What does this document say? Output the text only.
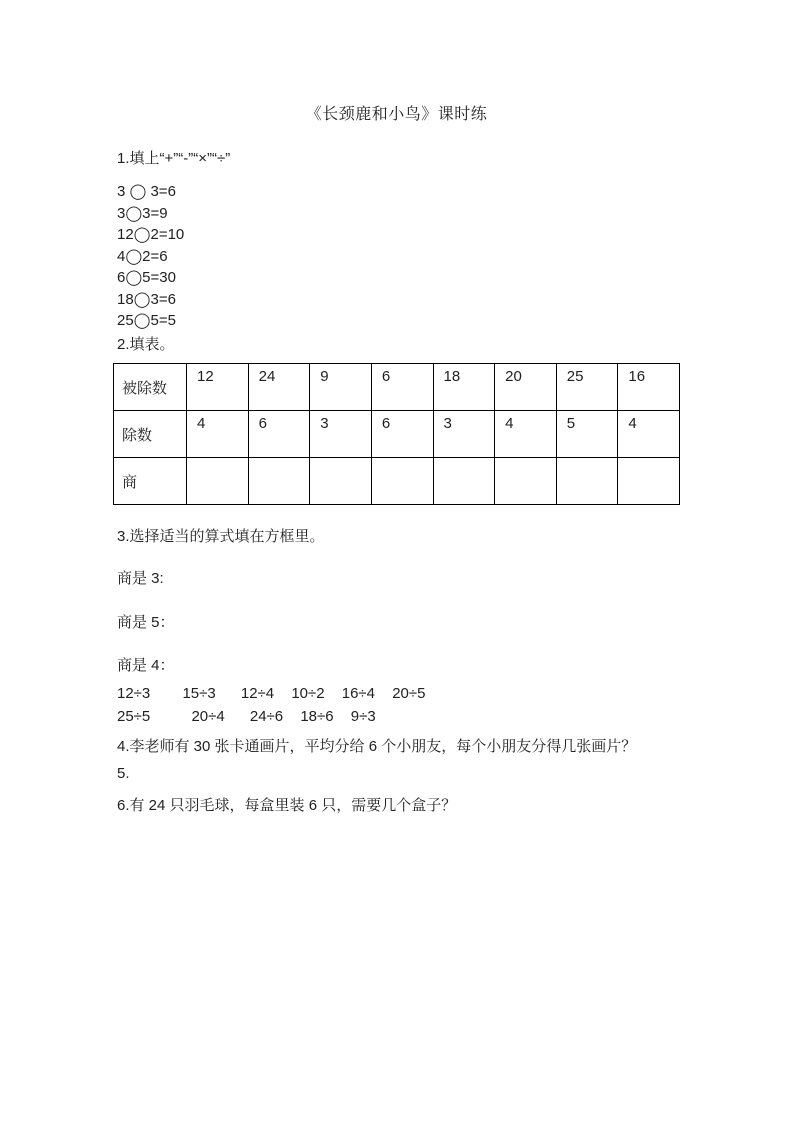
《长颈鹿和小鸟》课时练
1.填上“+”“-”“×”“÷”
3 ◯ 3=6
3◯3=9
12◯2=10
4◯2=6
6◯5=30
18◯3=6
25◯5=5
2.填表。
被除数	12	24	9	6	18	20	25	16
除数	4	6	3	6	3	4	5	4
商								
3.选择适当的算式填在方框里。
商是 3:
商是 5：
商是 4：
12÷3 15÷3 12÷4 10÷2 16÷4 20÷5
25÷5	20÷4 24÷6 18÷6 9÷3
4.李老师有 30 张卡通画片，平均分给 6 个小朋友，每个小朋友分得几张画片？
5.
6.有 24 只羽毛球，每盒里装 6 只，需要几个盒子？
